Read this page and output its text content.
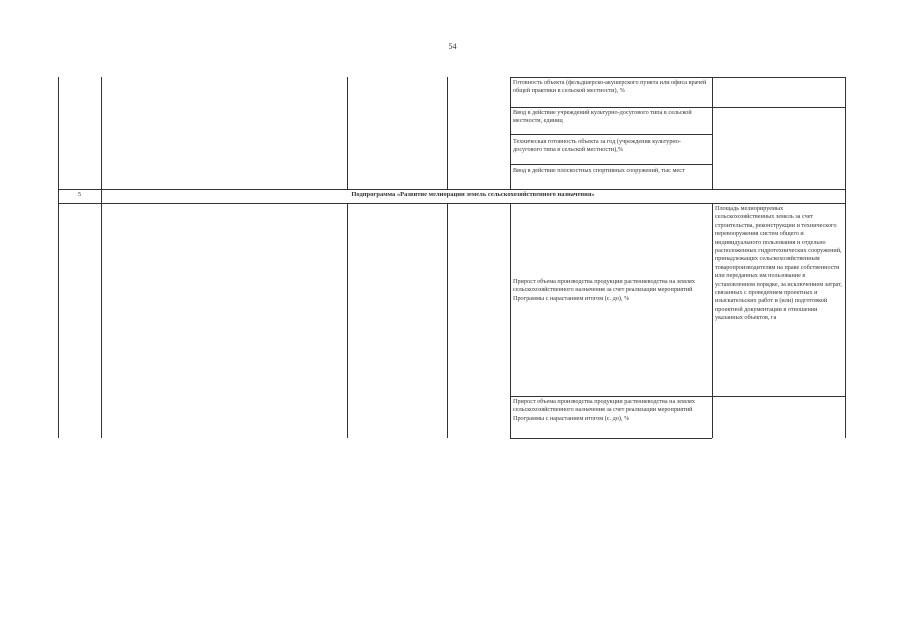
54
Готовность объекта (фельдшерско-акушерского пункта или офиса врачей общей практики в сельской местности), %
Ввод в действие учреждений культурно-досугового типа в сельской местности, единиц
Техническая готовность объекта за год (учреждения культурно-досугового типа в сельской местности),%
Ввод в действие плоскостных спортивных сооружений, тыс мест
5	Подпрограмма «Развитие мелиорации земель сельскохозяйственного назначения»
Прирост объема производства продукции растениеводства на землях сельскохозяйственного назначения за счет реализации мероприятий Программы с нарастанием итогом (с. до), %
Площадь мелиорируемых сельскохозяйственных земель за счет строительства, реконструкции и технического перевооружения систем общего и индивидуального пользования и отдельно расположенных гидротехнических сооружений, принадлежащих сельскохозяйственным товаропроизводителям на праве собственности или переданных им пользование в установленном порядке, за исключением затрат, связанных с проведением проектных и изыскательских работ и (или) подготовкой проектной документации в отношении указанных объектов, га
Прирост объема производства продукции растениеводства на землях сельскохозяйственного назначения за счет реализации мероприятий Программы с нарастанием итогом (с. до), %
